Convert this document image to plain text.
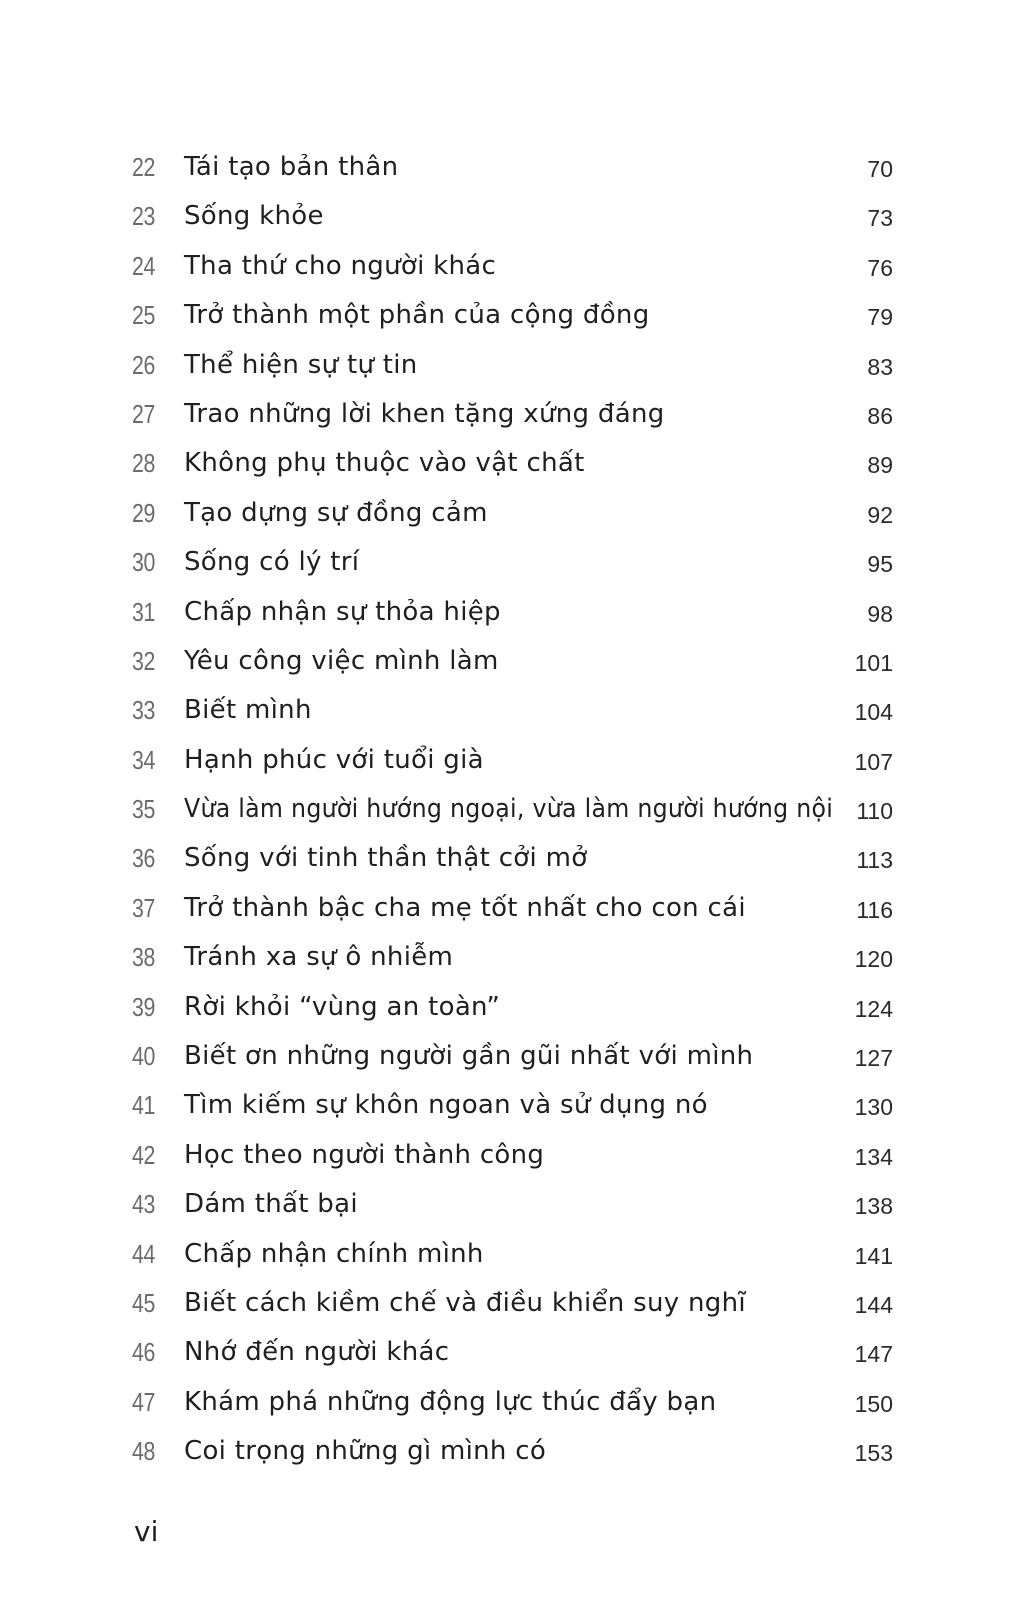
22 Tái tạo bản thân	70
23 Sống khỏe	73
24 Tha thứ cho người khác	76
25 Trở thành một phần của cộng đồng	79
26 Thể hiện sự tự tin	83
27 Trao những lời khen tặng xứng đáng	86
28 Không phụ thuộc vào vật chất	89
29 Tạo dựng sự đồng cảm	92
30 Sống có lý trí	95
31 Chấp nhận sự thỏa hiệp	98
32 Yêu công việc mình làm	101
33 Biết mình	104
34 Hạnh phúc với tuổi già	107
35 Vừa làm người hướng ngoại, vừa làm người hướng nội 110
36 Sống với tinh thần thật cởi mở	113
37 Trở thành bậc cha mẹ tốt nhất cho con cái	116
38 Tránh xa sự ô nhiễm	120
39 Rời khỏi “vùng an toàn”	124
40 Biết ơn những người gần gũi nhất với mình	127
41 Tìm kiếm sự khôn ngoan và sử dụng nó	130
42 Học theo người thành công	134
43 Dám thất bại	138
44 Chấp nhận chính mình	141
45 Biết cách kiềm chế và điều khiển suy nghĩ	144
46 Nhớ đến người khác	147
47 Khám phá những động lực thúc đẩy bạn	150
48 Coi trọng những gì mình có	153
vi
